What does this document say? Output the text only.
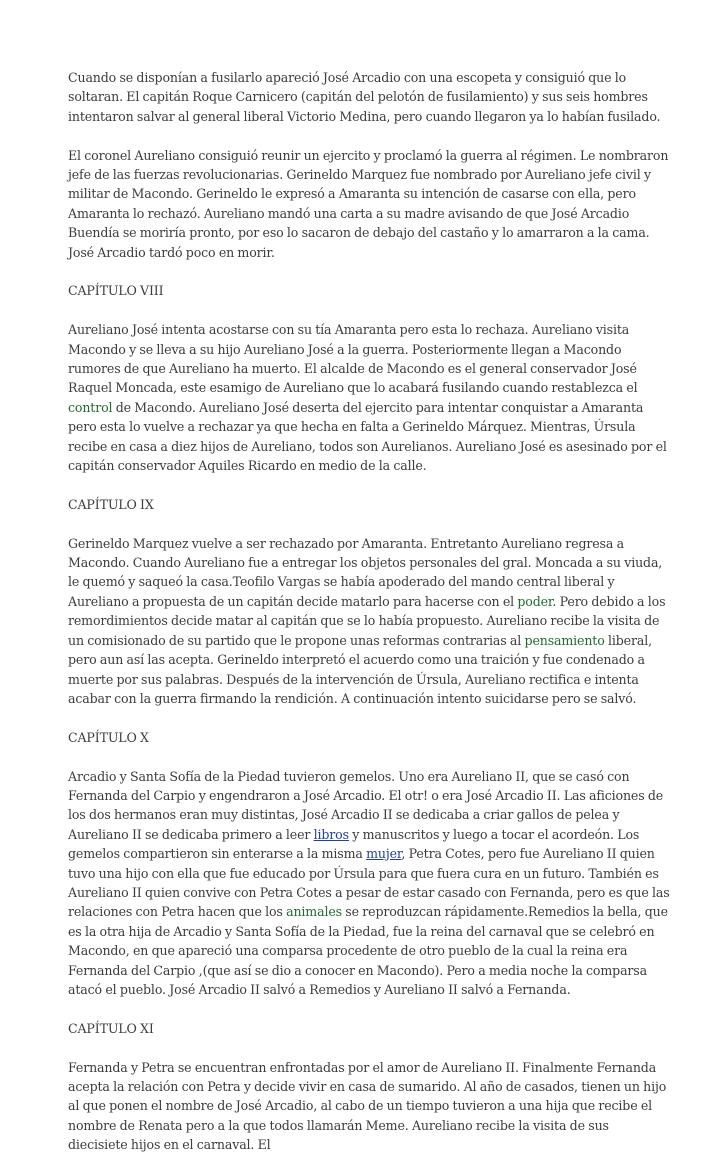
Cuando se disponían a fusilarlo apareció José Arcadio con una escopeta y consiguió que lo soltaran. El capitán Roque Carnicero (capitán del pelotón de fusilamiento) y sus seis hombres intentaron salvar al general liberal Victorio Medina, pero cuando llegaron ya lo habían fusilado.

El coronel Aureliano consiguió reunir un ejercito y proclamó la guerra al régimen. Le nombraron jefe de las fuerzas revolucionarias. Gerineldo Marquez fue nombrado por Aureliano jefe civil y militar de Macondo. Gerineldo le expresó a Amaranta su intención de casarse con ella, pero Amaranta lo rechazó. Aureliano mandó una carta a su madre avisando de que José Arcadio Buendía se moriría pronto, por eso lo sacaron de debajo del castaño y lo amarraron a la cama. José Arcadio tardó poco en morir.

CAPÍTULO VIII

Aureliano José intenta acostarse con su tía Amaranta pero esta lo rechaza. Aureliano visita Macondo y se lleva a su hijo Aureliano José a la guerra. Posteriormente llegan a Macondo rumores de que Aureliano ha muerto. El alcalde de Macondo es el general conservador José Raquel Moncada, este esamigo de Aureliano que lo acabará fusilando cuando restablezca el control de Macondo. Aureliano José deserta del ejercito para intentar conquistar a Amaranta pero esta lo vuelve a rechazar ya que hecha en falta a Gerineldo Márquez. Mientras, Úrsula recibe en casa a diez hijos de Aureliano, todos son Aurelianos. Aureliano José es asesinado por el capitán conservador Aquiles Ricardo en medio de la calle.

CAPÍTULO IX

Gerineldo Marquez vuelve a ser rechazado por Amaranta. Entretanto Aureliano regresa a Macondo. Cuando Aureliano fue a entregar los objetos personales del gral. Moncada a su viuda, le quemó y saqueó la casa.Teofilo Vargas se había apoderado del mando central liberal y Aureliano a propuesta de un capitán decide matarlo para hacerse con el poder. Pero debido a los remordimientos decide matar al capitán que se lo había propuesto. Aureliano recibe la visita de un comisionado de su partido que le propone unas reformas contrarias al pensamiento liberal, pero aun así las acepta. Gerineldo interpretó el acuerdo como una traición y fue condenado a muerte por sus palabras. Después de la intervención de Úrsula, Aureliano rectifica e intenta acabar con la guerra firmando la rendición. A continuación intento suicidarse pero se salvó.

CAPÍTULO X

Arcadio y Santa Sofía de la Piedad tuvieron gemelos. Uno era Aureliano II, que se casó con Fernanda del Carpio y engendraron a José Arcadio. El otr! o era José Arcadio II. Las aficiones de los dos hermanos eran muy distintas, José Arcadio II se dedicaba a criar gallos de pelea y Aureliano II se dedicaba primero a leer libros y manuscritos y luego a tocar el acordeón. Los gemelos compartieron sin enterarse a la misma mujer, Petra Cotes, pero fue Aureliano II quien tuvo una hijo con ella que fue educado por Úrsula para que fuera cura en un futuro. También es Aureliano II quien convive con Petra Cotes a pesar de estar casado con Fernanda, pero es que las relaciones con Petra hacen que los animales se reproduzcan rápidamente.Remedios la bella, que es la otra hija de Arcadio y Santa Sofía de la Piedad, fue la reina del carnaval que se celebró en Macondo, en que apareció una comparsa procedente de otro pueblo de la cual la reina era Fernanda del Carpio ,(que así se dio a conocer en Macondo). Pero a media noche la comparsa atacó el pueblo. José Arcadio II salvó a Remedios y Aureliano II salvó a Fernanda.

CAPÍTULO XI

Fernanda y Petra se encuentran enfrontadas por el amor de Aureliano II. Finalmente Fernanda acepta la relación con Petra y decide vivir en casa de sumarido. Al año de casados, tienen un hijo al que ponen el nombre de José Arcadio, al cabo de un tiempo tuvieron a una hija que recibe el nombre de Renata pero a la que todos llamarán Meme. Aureliano recibe la visita de sus diecisiete hijos en el carnaval. El
